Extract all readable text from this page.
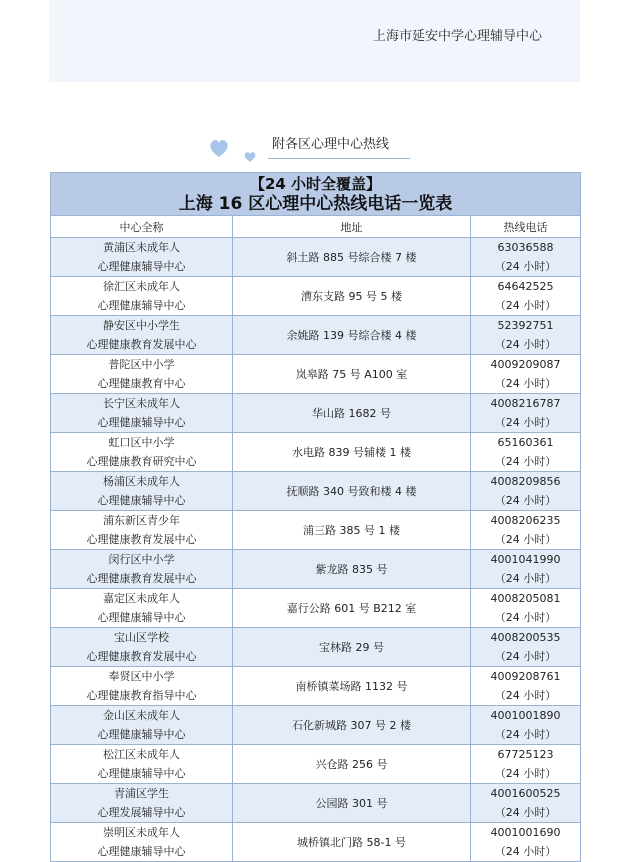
上海市延安中学心理辅导中心
附各区心理中心热线
【24 小时全覆盖】
上海 16 区心理中心热线电话一览表		

中心全称	地址	热线电话

黄浦区未成年人
心理健康辅导中心	斜土路 885 号综合楼 7 楼	63036588
（24 小时）

徐汇区未成年人
心理健康辅导中心	漕东支路 95 号 5 楼	64642525
（24 小时）

静安区中小学生
心理健康教育发展中心	余姚路 139 号综合楼 4 楼	52392751
（24 小时）

普陀区中小学
心理健康教育中心	岚皋路 75 号 A100 室	4009209087
（24 小时）

长宁区未成年人
心理健康辅导中心	华山路 1682 号	4008216787
（24 小时）

虹口区中小学
心理健康教育研究中心	水电路 839 号辅楼 1 楼	65160361
（24 小时）

杨浦区未成年人
心理健康辅导中心	抚顺路 340 号致和楼 4 楼	4008209856
（24 小时）

浦东新区青少年
心理健康教育发展中心	浦三路 385 号 1 楼	4008206235
（24 小时）

闵行区中小学
心理健康教育发展中心	紫龙路 835 号	4001041990
（24 小时）

嘉定区未成年人
心理健康辅导中心	嘉行公路 601 号 B212 室	4008205081
（24 小时）

宝山区学校
心理健康教育发展中心	宝林路 29 号	4008200535
（24 小时）

奉贤区中小学
心理健康教育指导中心	南桥镇菜场路 1132 号	4009208761
（24 小时）

金山区未成年人
心理健康辅导中心	石化新城路 307 号 2 楼	4001001890
（24 小时）

松江区未成年人
心理健康辅导中心	兴仓路 256 号	67725123
（24 小时）

青浦区学生
心理发展辅导中心	公园路 301 号	4001600525
（24 小时）

崇明区未成年人
心理健康辅导中心	城桥镇北门路 58-1 号	4001001690
（24 小时）
